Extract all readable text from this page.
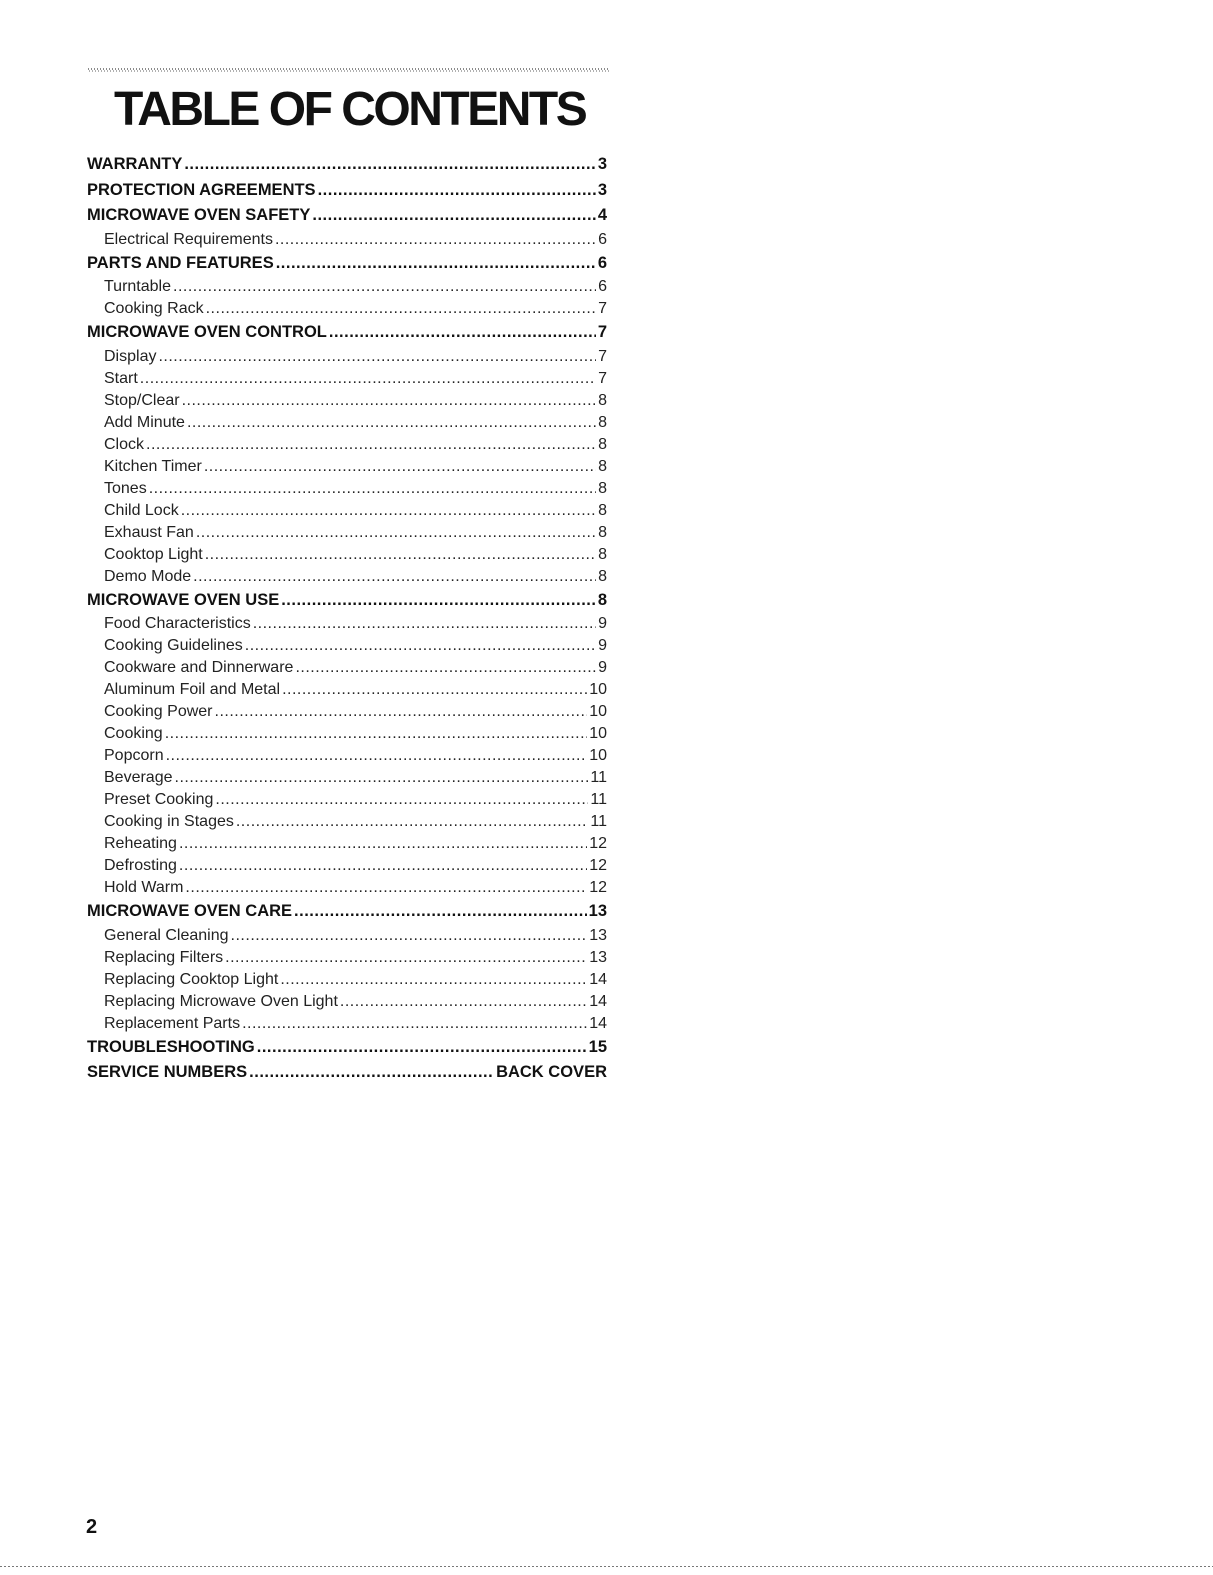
TABLE OF CONTENTS
WARRANTY .....	3
PROTECTION AGREEMENTS .....	3
MICROWAVE OVEN SAFETY .....	4
Electrical Requirements .....	6
PARTS AND FEATURES .....	6
Turntable .....	6
Cooking Rack .....	7
MICROWAVE OVEN CONTROL .....	7
Display .....	7
Start .....	7
Stop/Clear .....	8
Add Minute .....	8
Clock .....	8
Kitchen Timer .....	8
Tones .....	8
Child Lock .....	8
Exhaust Fan .....	8
Cooktop Light .....	8
Demo Mode .....	8
MICROWAVE OVEN USE .....	8
Food Characteristics .....	9
Cooking Guidelines .....	9
Cookware and Dinnerware .....	9
Aluminum Foil and Metal .....	10
Cooking Power .....	10
Cooking .....	10
Popcorn .....	10
Beverage .....	11
Preset Cooking .....	11
Cooking in Stages .....	11
Reheating .....	12
Defrosting .....	12
Hold Warm .....	12
MICROWAVE OVEN CARE .....	13
General Cleaning .....	13
Replacing Filters .....	13
Replacing Cooktop Light .....	14
Replacing Microwave Oven Light .....	14
Replacement Parts .....	14
TROUBLESHOOTING .....	15
SERVICE NUMBERS .....	BACK COVER
2
